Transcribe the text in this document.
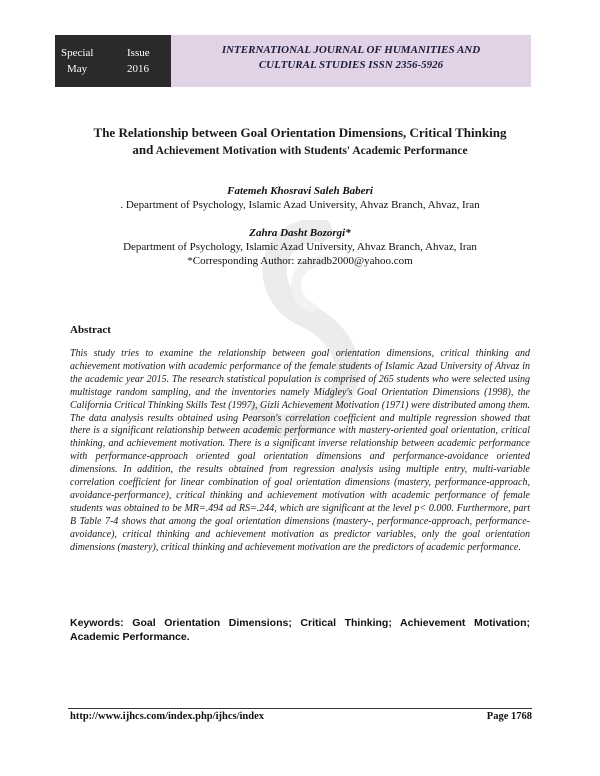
Special	Issue
May	2016
INTERNATIONAL JOURNAL OF HUMANITIES AND
CULTURAL STUDIES ISSN 2356-5926
The Relationship between Goal Orientation Dimensions, Critical Thinking
and Achievement Motivation with Students' Academic Performance
Fatemeh Khosravi Saleh Baberi
. Department of Psychology, Islamic Azad University, Ahvaz Branch, Ahvaz, Iran
Zahra Dasht Bozorgi*
Department of Psychology, Islamic Azad University, Ahvaz Branch, Ahvaz, Iran
*Corresponding Author: zahradb2000@yahoo.com
Abstract
This study tries to examine the relationship between goal orientation dimensions, critical thinking and achievement motivation with academic performance of the female students of Islamic Azad University of Ahvaz in the academic year 2015. The research statistical population is comprised of 265 students who were selected using multistage random sampling, and the inventories namely Midgley's Goal Orientation Dimensions (1998), the California Critical Thinking Skills Test (1997), Gizli Achievement Motivation (1971) were distributed among them. The data analysis results obtained using Pearson's correlation coefficient and multiple regression showed that there is a significant relationship between academic performance with mastery-oriented goal orientation, critical thinking, and achievement motivation. There is a significant inverse relationship between academic performance with performance-approach oriented goal orientation dimensions and performance-avoidance oriented dimensions. In addition, the results obtained from regression analysis using multiple entry, multi-variable correlation coefficient for linear combination of goal orientation dimensions (mastery, performance-approach, avoidance-performance), critical thinking and achievement motivation with academic performance of female students was obtained to be MR=.494 ad RS=.244, which are significant at the level p< 0.000. Furthermore, part B Table 7-4 shows that among the goal orientation dimensions (mastery-, performance-approach, performance-avoidance), critical thinking and achievement motivation as predictor variables, only the goal orientation dimensions (mastery), critical thinking and achievement motivation are the predictors of academic performance.
Keywords: Goal Orientation Dimensions; Critical Thinking; Achievement Motivation; Academic Performance.
http://www.ijhcs.com/index.php/ijhcs/index	Page 1768
